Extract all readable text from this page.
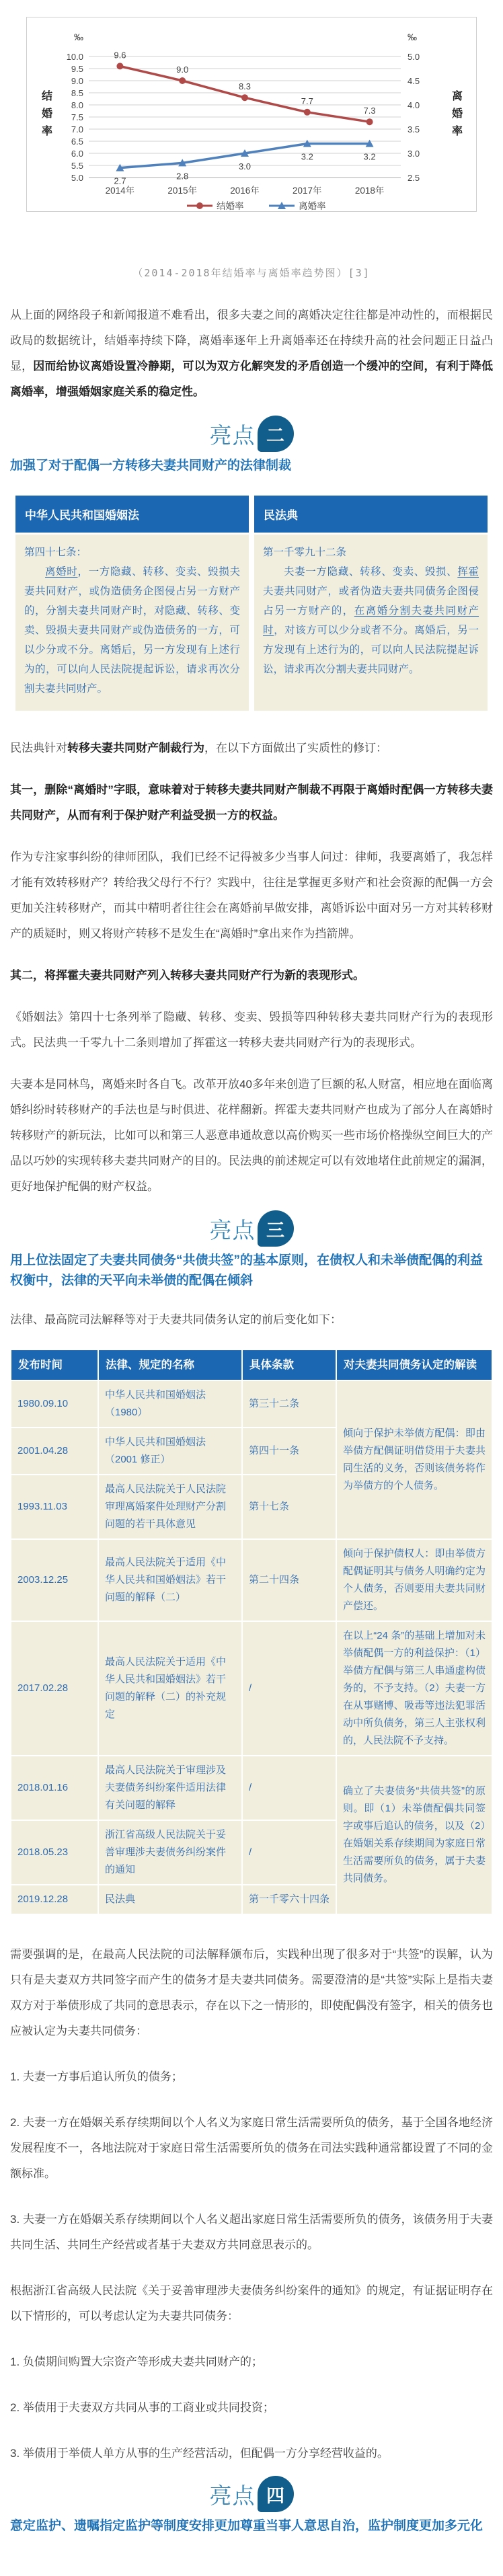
10.0
9.5
9.0
8.5
8.0
7.5
7.0
6.5
6.0
5.5
5.0
5.0
4.5
4.0
3.5
3.0
2.5
‰	‰
结
婚
率
离
婚
率
2014年	2015年	2016年	2017年	2018年
9.6
9.0
8.3
7.7
7.3
2.7	2.8
3.0
3.2	3.2
结婚率	离婚率
（2014-2018年结婚率与离婚率趋势图）[3]

从上面的网络段子和新闻报道不难看出，很多夫妻之间的离婚决定往往都是冲动性的，而根据民政局的数据统计，结婚率持续下降，离婚率逐年上升离婚率还在持续升高的社会问题正日益凸显，因而给协议离婚设置冷静期，可以为双方化解突发的矛盾创造一个缓冲的空间，有利于降低离婚率，增强婚姻家庭关系的稳定性。

亮点 二

加强了对于配偶一方转移夫妻共同财产的法律制裁

中华人民共和国婚姻法	民法典

第四十七条：
离婚时，一方隐藏、转移、变卖、毁损夫妻共同财产，或伪造债务企图侵占另一方财产的，分割夫妻共同财产时，对隐藏、转移、变卖、毁损夫妻共同财产或伪造债务的一方，可以少分或不分。离婚后，另一方发现有上述行为的，可以向人民法院提起诉讼，请求再次分割夫妻共同财产。

第一千零九十二条
夫妻一方隐藏、转移、变卖、毁损、挥霍夫妻共同财产，或者伪造夫妻共同债务企图侵占另一方财产的，在离婚分割夫妻共同财产时，对该方可以少分或者不分。离婚后，另一方发现有上述行为的，可以向人民法院提起诉讼，请求再次分割夫妻共同财产。

民法典针对转移夫妻共同财产制裁行为，在以下方面做出了实质性的修订：

其一，删除“离婚时”字眼，意味着对于转移夫妻共同财产制裁不再限于离婚时配偶一方转移夫妻共同财产，从而有利于保护财产利益受损一方的权益。

作为专注家事纠纷的律师团队，我们已经不记得被多少当事人问过：律师，我要离婚了，我怎样才能有效转移财产？转给我父母行不行？实践中，往往是掌握更多财产和社会资源的配偶一方会更加关注转移财产，而其中精明者往往会在离婚前早做安排，离婚诉讼中面对另一方对其转移财产的质疑时，则又将财产转移不是发生在“离婚时”拿出来作为挡箭牌。

其二，将挥霍夫妻共同财产列入转移夫妻共同财产行为新的表现形式。

《婚姻法》第四十七条列举了隐藏、转移、变卖、毁损等四种转移夫妻共同财产行为的表现形式。民法典一千零九十二条则增加了挥霍这一转移夫妻共同财产行为的表现形式。

夫妻本是同林鸟，离婚来时各自飞。改革开放40多年来创造了巨额的私人财富，相应地在面临离婚纠纷时转移财产的手法也是与时俱进、花样翻新。挥霍夫妻共同财产也成为了部分人在离婚时转移财产的新玩法，比如可以和第三人恶意串通故意以高价购买一些市场价格操纵空间巨大的产品以巧妙的实现转移夫妻共同财产的目的。民法典的前述规定可以有效地堵住此前规定的漏洞，更好地保护配偶的财产权益。

亮点 三

用上位法固定了夫妻共同债务“共债共签”的基本原则，在债权人和未举债配偶的利益权衡中，法律的天平向未举债的配偶在倾斜

法律、最高院司法解释等对于夫妻共同债务认定的前后变化如下：

发布时间	法律、规定的名称	具体条款	对夫妻共同债务认定的解读
1980.09.10	中华人民共和国婚姻法（1980）	第三十二条	倾向于保护未举债方配偶：即由举债方配偶证明借贷用于夫妻共同生活的义务，否则该债务将作为举债方的个人债务。
2001.04.28	中华人民共和国婚姻法（2001 修正）	第四十一条	
1993.11.03	最高人民法院关于人民法院审理离婚案件处理财产分割问题的若干具体意见	第十七条	
2003.12.25	最高人民法院关于适用《中华人民共和国婚姻法》若干问题的解释（二）	第二十四条	倾向于保护债权人：即由举债方配偶证明其与债务人明确约定为个人债务，否则要用夫妻共同财产偿还。
2017.02.28	最高人民法院关于适用《中华人民共和国婚姻法》若干问题的解释（二）的补充规定	/	在以上“24 条”的基础上增加对未举债配偶一方的利益保护：（1）举债方配偶与第三人串通虚构债务的，不予支持。（2）夫妻一方在从事赌博、吸毒等违法犯罪活动中所负债务，第三人主张权利的，人民法院不予支持。
2018.01.16	最高人民法院关于审理涉及夫妻债务纠纷案件适用法律有关问题的解释	/	确立了夫妻债务“共债共签”的原则。即（1）未举债配偶共同签字或事后追认的债务，以及（2）在婚姻关系存续期间为家庭日常生活需要所负的债务，属于夫妻共同债务。
2018.05.23	浙江省高级人民法院关于妥善审理涉夫妻债务纠纷案件的通知	/	
2019.12.28	民法典	第一千零六十四条	

需要强调的是，在最高人民法院的司法解释颁布后，实践种出现了很多对于“共签”的误解，认为只有是夫妻双方共同签字而产生的债务才是夫妻共同债务。需要澄清的是“共签”实际上是指夫妻双方对于举债形成了共同的意思表示，存在以下之一情形的，即使配偶没有签字，相关的债务也应被认定为夫妻共同债务：

1. 夫妻一方事后追认所负的债务；

2. 夫妻一方在婚姻关系存续期间以个人名义为家庭日常生活需要所负的债务，基于全国各地经济发展程度不一，各地法院对于家庭日常生活需要所负的债务在司法实践种通常都设置了不同的金额标准。

3. 夫妻一方在婚姻关系存续期间以个人名义超出家庭日常生活需要所负的债务，该债务用于夫妻共同生活、共同生产经营或者基于夫妻双方共同意思表示的。

根据浙江省高级人民法院《关于妥善审理涉夫妻债务纠纷案件的通知》的规定，有证据证明存在以下情形的，可以考虑认定为夫妻共同债务：

1. 负债期间购置大宗资产等形成夫妻共同财产的；

2. 举债用于夫妻双方共同从事的工商业或共同投资；

3. 举债用于举债人单方从事的生产经营活动，但配偶一方分享经营收益的。

亮点 四

意定监护、遗嘱指定监护等制度安排更加尊重当事人意思自治，监护制度更加多元化
